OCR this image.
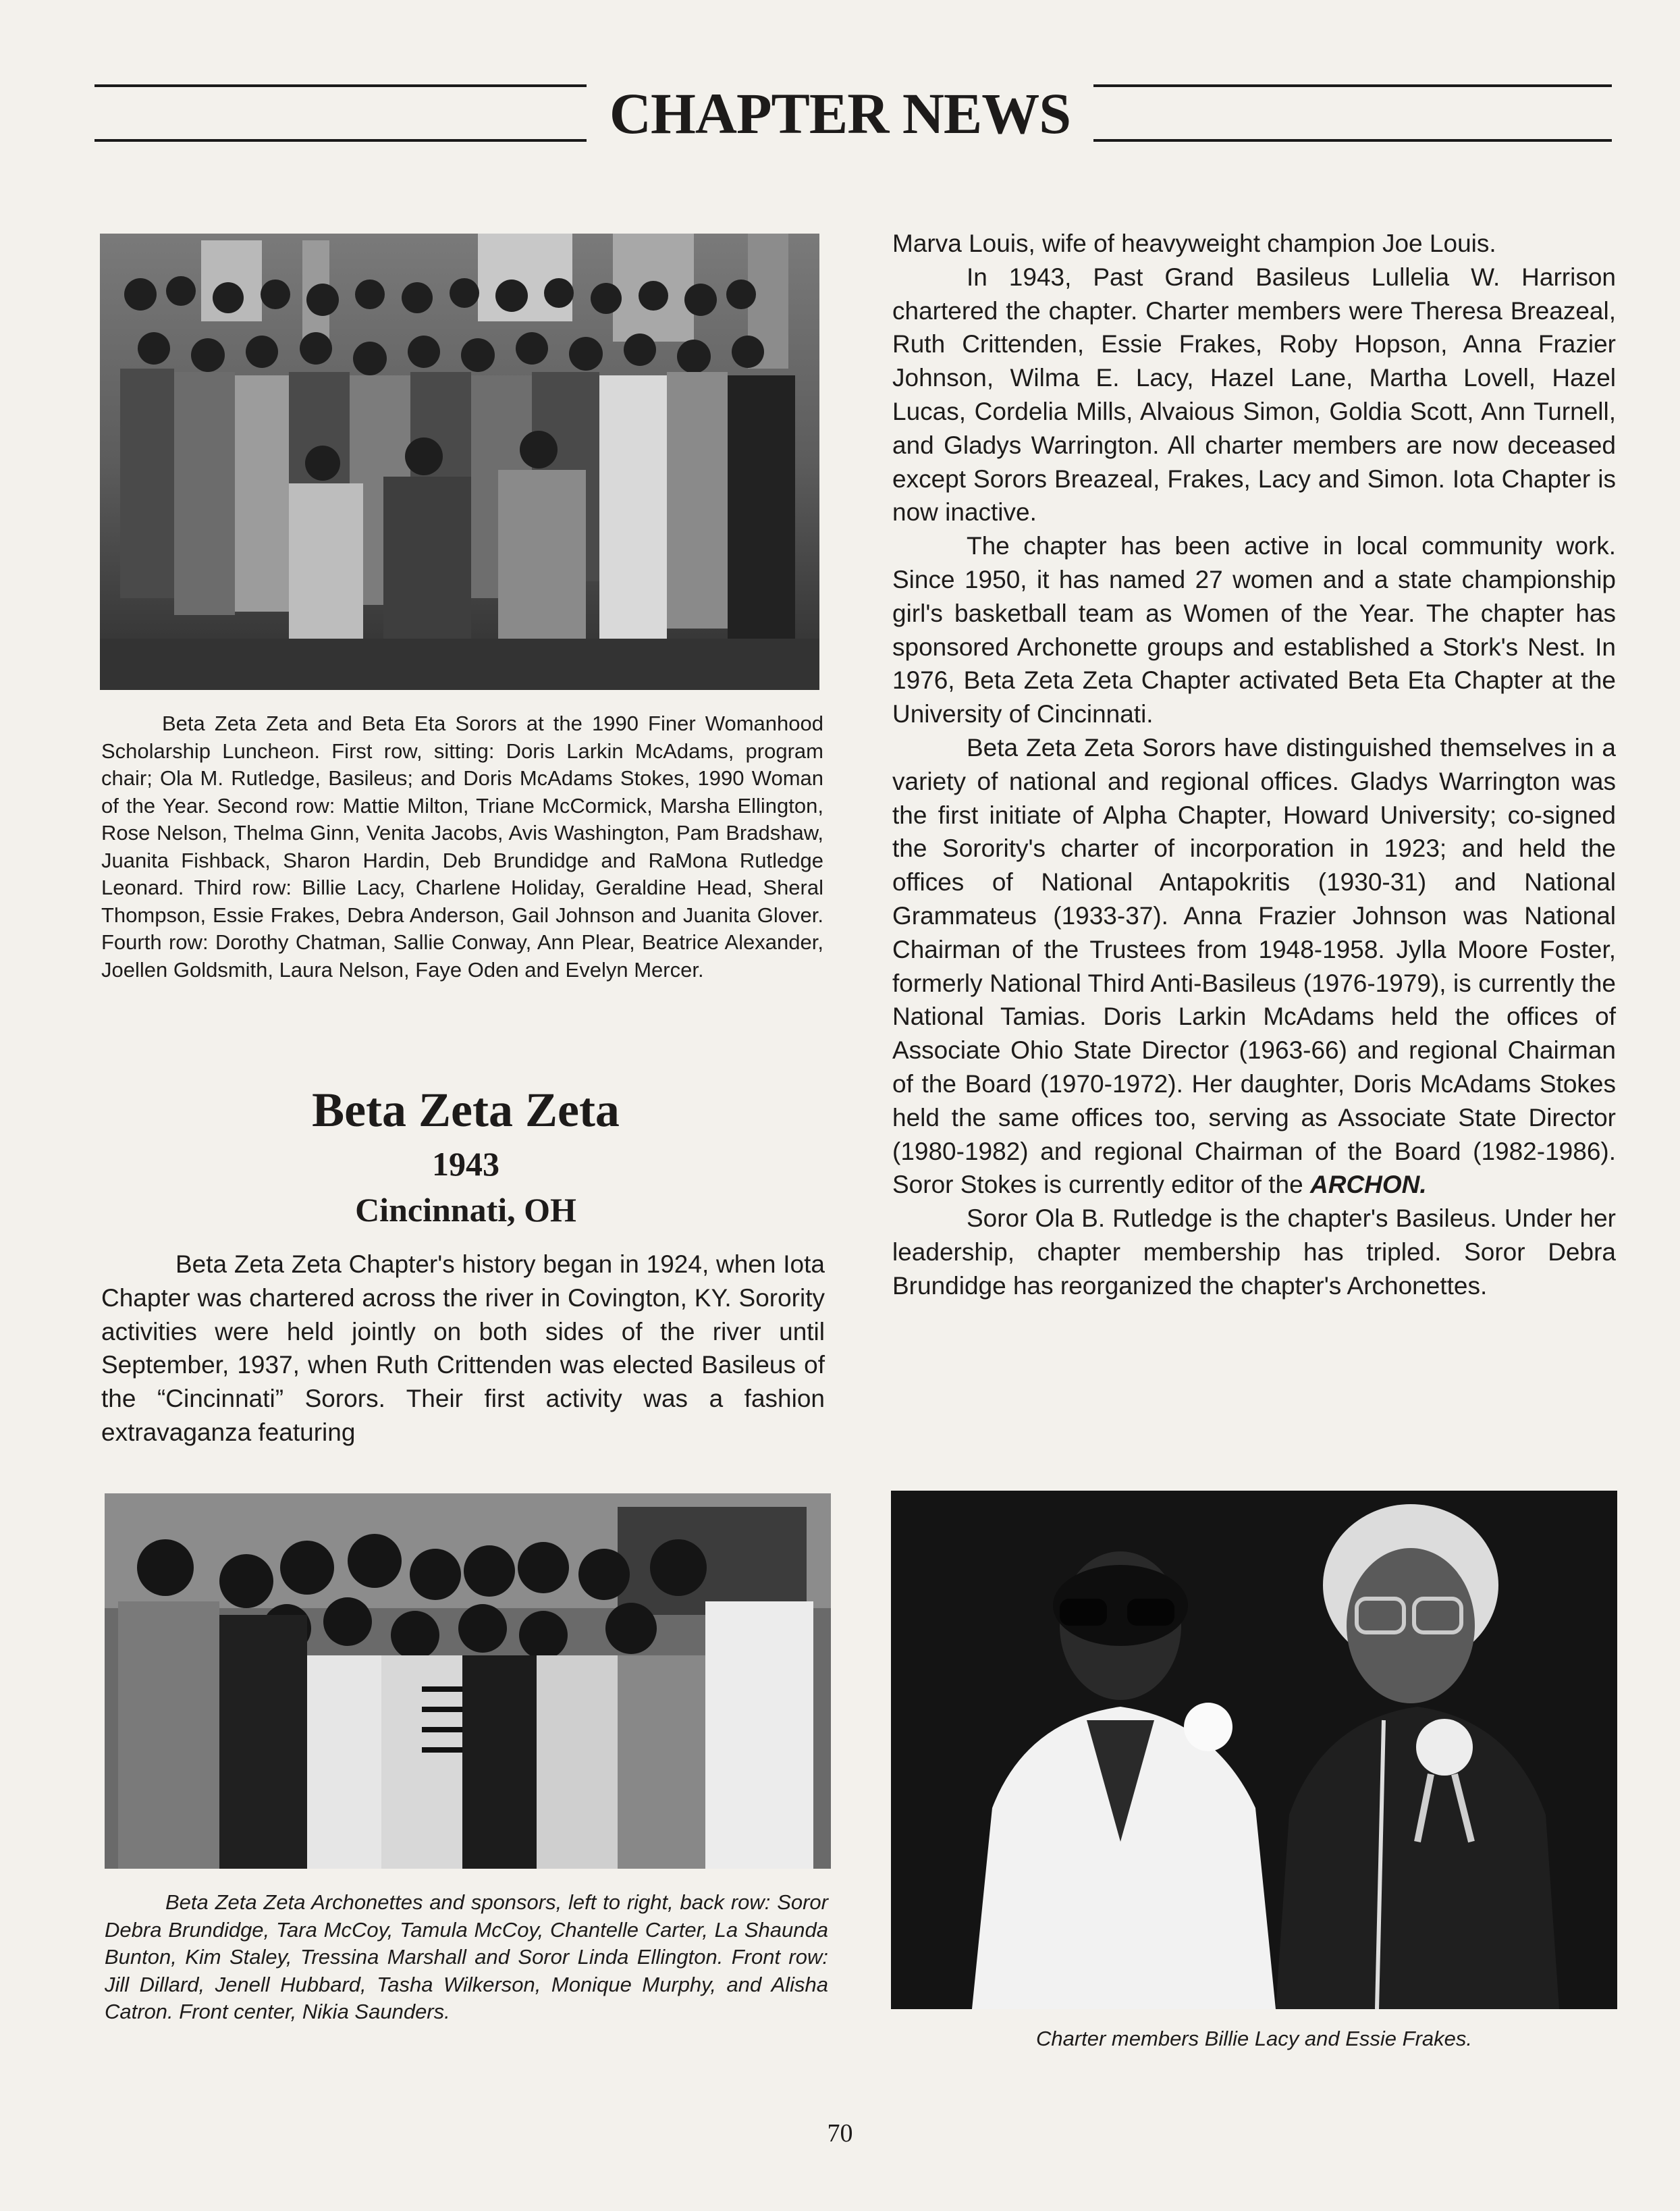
CHAPTER NEWS

Beta Zeta Zeta and Beta Eta Sorors at the 1990 Finer Womanhood Scholarship Luncheon. First row, sitting: Doris Larkin McAdams, program chair; Ola M. Rutledge, Basileus; and Doris McAdams Stokes, 1990 Woman of the Year. Second row: Mattie Milton, Triane McCormick, Marsha Ellington, Rose Nelson, Thelma Ginn, Venita Jacobs, Avis Washington, Pam Bradshaw, Juanita Fishback, Sharon Hardin, Deb Brundidge and RaMona Rutledge Leonard. Third row: Billie Lacy, Charlene Holiday, Geraldine Head, Sheral Thompson, Essie Frakes, Debra Anderson, Gail Johnson and Juanita Glover. Fourth row: Dorothy Chatman, Sallie Conway, Ann Plear, Beatrice Alexander, Joellen Goldsmith, Laura Nelson, Faye Oden and Evelyn Mercer.

Beta Zeta Zeta
1943
Cincinnati, OH

Beta Zeta Zeta Chapter's history began in 1924, when Iota Chapter was chartered across the river in Covington, KY. Sorority activities were held jointly on both sides of the river until September, 1937, when Ruth Crittenden was elected Basileus of the “Cincinnati” Sorors. Their first activity was a fashion extravaganza featuring

Beta Zeta Zeta Archonettes and sponsors, left to right, back row: Soror Debra Brundidge, Tara McCoy, Tamula McCoy, Chantelle Carter, La Shaunda Bunton, Kim Staley, Tressina Marshall and Soror Linda Ellington. Front row: Jill Dillard, Jenell Hubbard, Tasha Wilkerson, Monique Murphy, and Alisha Catron. Front center, Nikia Saunders.

Marva Louis, wife of heavyweight champion Joe Louis.

In 1943, Past Grand Basileus Lullelia W. Harrison chartered the chapter. Charter members were Theresa Breazeal, Ruth Crittenden, Essie Frakes, Roby Hopson, Anna Frazier Johnson, Wilma E. Lacy, Hazel Lane, Martha Lovell, Hazel Lucas, Cordelia Mills, Alvaious Simon, Goldia Scott, Ann Turnell, and Gladys Warrington. All charter members are now deceased except Sorors Breazeal, Frakes, Lacy and Simon. Iota Chapter is now inactive.

The chapter has been active in local community work. Since 1950, it has named 27 women and a state championship girl's basketball team as Women of the Year. The chapter has sponsored Archonette groups and established a Stork's Nest. In 1976, Beta Zeta Zeta Chapter activated Beta Eta Chapter at the University of Cincinnati.

Beta Zeta Zeta Sorors have distinguished themselves in a variety of national and regional offices. Gladys Warrington was the first initiate of Alpha Chapter, Howard University; co-signed the Sorority's charter of incorporation in 1923; and held the offices of National Antapokritis (1930-31) and National Grammateus (1933-37). Anna Frazier Johnson was National Chairman of the Trustees from 1948-1958. Jylla Moore Foster, formerly National Third Anti-Basileus (1976-1979), is currently the National Tamias. Doris Larkin McAdams held the offices of Associate Ohio State Director (1963-66) and regional Chairman of the Board (1970-1972). Her daughter, Doris McAdams Stokes held the same offices too, serving as Associate State Director (1980-1982) and regional Chairman of the Board (1982-1986). Soror Stokes is currently editor of the ARCHON.

Soror Ola B. Rutledge is the chapter's Basileus. Under her leadership, chapter membership has tripled. Soror Debra Brundidge has reorganized the chapter's Archonettes.

Charter members Billie Lacy and Essie Frakes.
70
